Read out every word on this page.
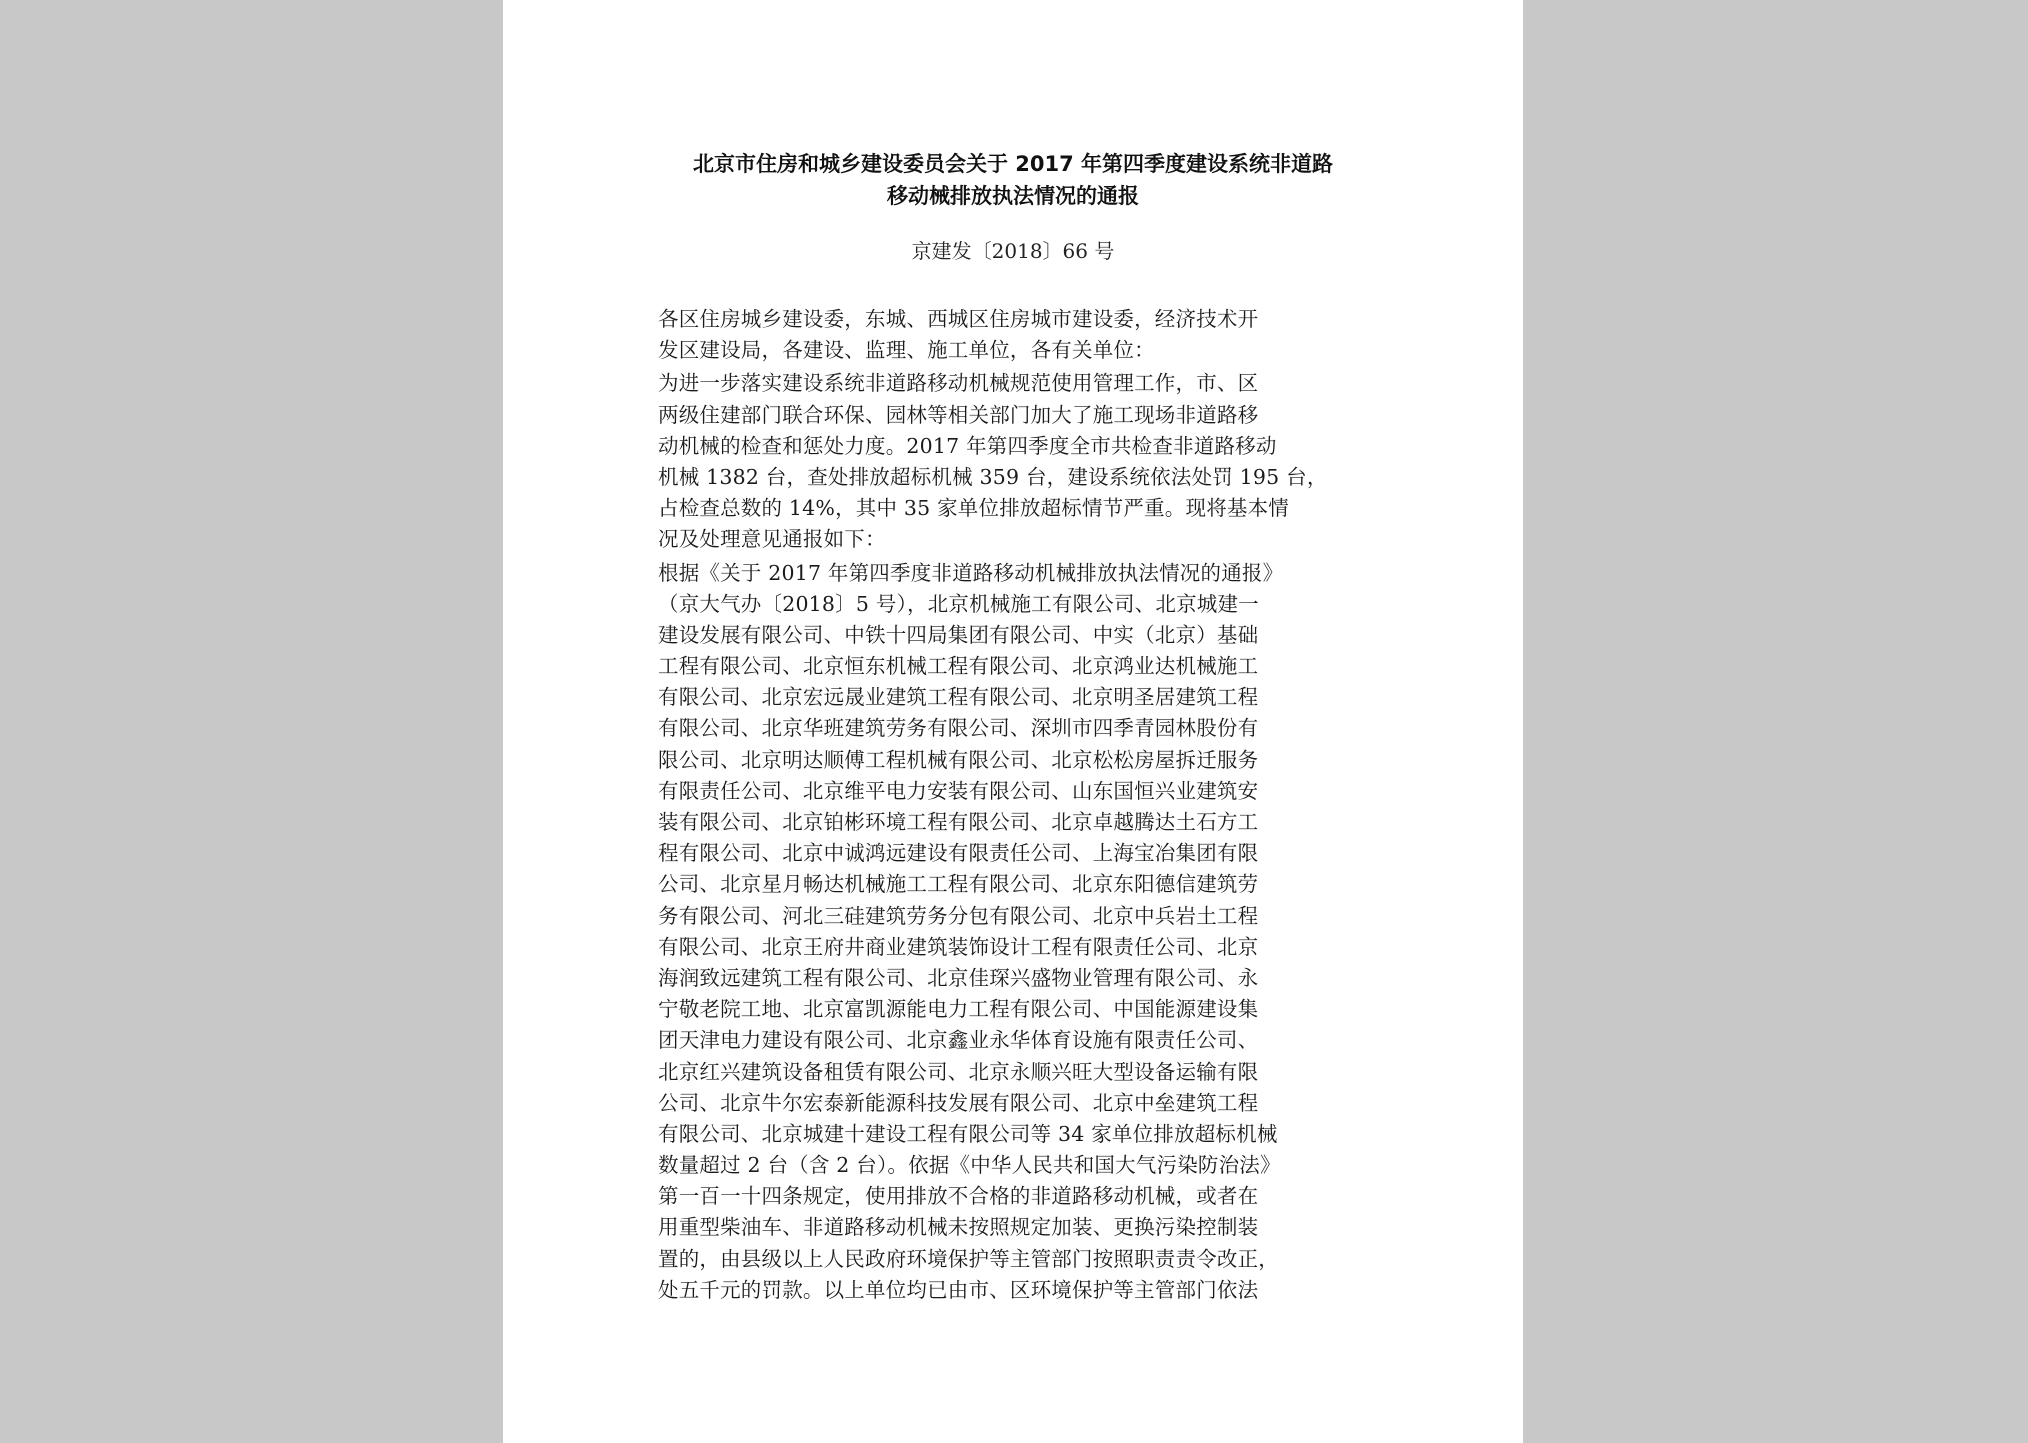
北京市住房和城乡建设委员会关于 2017 年第四季度建设系统非道路
移动械排放执法情况的通报
京建发〔2018〕66 号
各区住房城乡建设委，东城、西城区住房城市建设委，经济技术开
发区建设局，各建设、监理、施工单位，各有关单位：
为进一步落实建设系统非道路移动机械规范使用管理工作，市、区
两级住建部门联合环保、园林等相关部门加大了施工现场非道路移
动机械的检查和惩处力度。2017 年第四季度全市共检查非道路移动
机械 1382 台，查处排放超标机械 359 台，建设系统依法处罚 195 台，
占检查总数的 14%，其中 35 家单位排放超标情节严重。现将基本情
况及处理意见通报如下：
根据《关于 2017 年第四季度非道路移动机械排放执法情况的通报》
（京大气办〔2018〕5 号），北京机械施工有限公司、北京城建一
建设发展有限公司、中铁十四局集团有限公司、中实（北京）基础
工程有限公司、北京恒东机械工程有限公司、北京鸿业达机械施工
有限公司、北京宏远晟业建筑工程有限公司、北京明圣居建筑工程
有限公司、北京华班建筑劳务有限公司、深圳市四季青园林股份有
限公司、北京明达顺傅工程机械有限公司、北京松松房屋拆迁服务
有限责任公司、北京维平电力安装有限公司、山东国恒兴业建筑安
装有限公司、北京铂彬环境工程有限公司、北京卓越腾达土石方工
程有限公司、北京中诚鸿远建设有限责任公司、上海宝冶集团有限
公司、北京星月畅达机械施工工程有限公司、北京东阳德信建筑劳
务有限公司、河北三硅建筑劳务分包有限公司、北京中兵岩土工程
有限公司、北京王府井商业建筑装饰设计工程有限责任公司、北京
海润致远建筑工程有限公司、北京佳琛兴盛物业管理有限公司、永
宁敬老院工地、北京富凯源能电力工程有限公司、中国能源建设集
团天津电力建设有限公司、北京鑫业永华体育设施有限责任公司、
北京红兴建筑设备租赁有限公司、北京永顺兴旺大型设备运输有限
公司、北京牛尔宏泰新能源科技发展有限公司、北京中垒建筑工程
有限公司、北京城建十建设工程有限公司等 34 家单位排放超标机械
数量超过 2 台（含 2 台）。依据《中华人民共和国大气污染防治法》
第一百一十四条规定，使用排放不合格的非道路移动机械，或者在
用重型柴油车、非道路移动机械未按照规定加装、更换污染控制装
置的，由县级以上人民政府环境保护等主管部门按照职责责令改正，
处五千元的罚款。以上单位均已由市、区环境保护等主管部门依法
